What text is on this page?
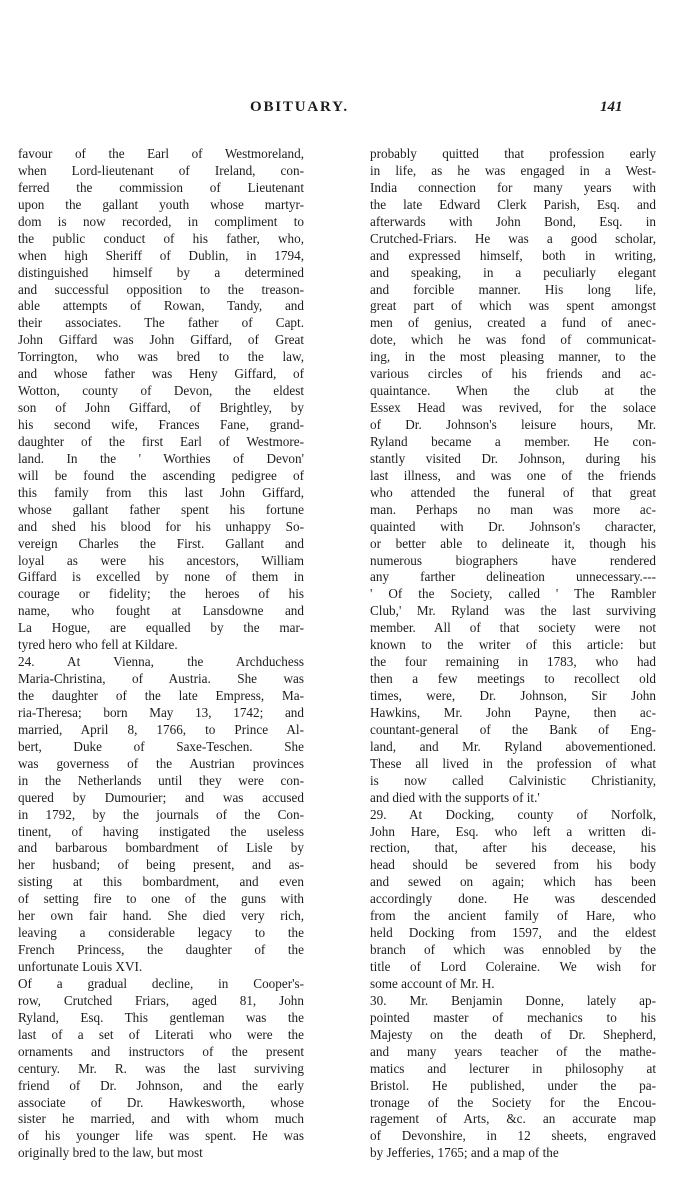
OBITUARY.	141
favour of the Earl of Westmoreland,
when Lord-lieutenant of Ireland, con-
ferred the commission of Lieutenant
upon the gallant youth whose martyr-
dom is now recorded, in compliment to
the public conduct of his father, who,
when high Sheriff of Dublin, in 1794,
distinguished himself by a determined
and successful opposition to the treason-
able attempts of Rowan, Tandy, and
their associates. The father of Capt.
John Giffard was John Giffard, of Great
Torrington, who was bred to the law,
and whose father was Heny Giffard, of
Wotton, county of Devon, the eldest
son of John Giffard, of Brightley, by
his second wife, Frances Fane, grand-
daughter of the first Earl of Westmore-
land. In the ' Worthies of Devon'
will be found the ascending pedigree of
this family from this last John Giffard,
whose gallant father spent his fortune
and shed his blood for his unhappy So-
vereign Charles the First. Gallant and
loyal as were his ancestors, William
Giffard is excelled by none of them in
courage or fidelity; the heroes of his
name, who fought at Lansdowne and
La Hogue, are equalled by the mar-
tyred hero who fell at Kildare.
24. At Vienna, the Archduchess
Maria-Christina, of Austria. She was
the daughter of the late Empress, Ma-
ria-Theresa; born May 13, 1742; and
married, April 8, 1766, to Prince Al-
bert, Duke of Saxe-Teschen. She
was governess of the Austrian provinces
in the Netherlands until they were con-
quered by Dumourier; and was accused
in 1792, by the journals of the Con-
tinent, of having instigated the useless
and barbarous bombardment of Lisle by
her husband; of being present, and as-
sisting at this bombardment, and even
of setting fire to one of the guns with
her own fair hand. She died very rich,
leaving a considerable legacy to the
French Princess, the daughter of the
unfortunate Louis XVI.
Of a gradual decline, in Cooper's-
row, Crutched Friars, aged 81, John
Ryland, Esq. This gentleman was the
last of a set of Literati who were the
ornaments and instructors of the present
century. Mr. R. was the last surviving
friend of Dr. Johnson, and the early
associate of Dr. Hawkesworth, whose
sister he married, and with whom much
of his younger life was spent. He was
originally bred to the law, but most
probably quitted that profession early
in life, as he was engaged in a West-
India connection for many years with
the late Edward Clerk Parish, Esq. and
afterwards with John Bond, Esq. in
Crutched-Friars. He was a good scholar,
and expressed himself, both in writing,
and speaking, in a peculiarly elegant
and forcible manner. His long life,
great part of which was spent amongst
men of genius, created a fund of anec-
dote, which he was fond of communicat-
ing, in the most pleasing manner, to the
various circles of his friends and ac-
quaintance. When the club at the
Essex Head was revived, for the solace
of Dr. Johnson's leisure hours, Mr.
Ryland became a member. He con-
stantly visited Dr. Johnson, during his
last illness, and was one of the friends
who attended the funeral of that great
man. Perhaps no man was more ac-
quainted with Dr. Johnson's character,
or better able to delineate it, though his
numerous biographers have rendered
any farther delineation unnecessary.---
' Of the Society, called ' The Rambler
Club,' Mr. Ryland was the last surviving
member. All of that society were not
known to the writer of this article: but
the four remaining in 1783, who had
then a few meetings to recollect old
times, were, Dr. Johnson, Sir John
Hawkins, Mr. John Payne, then ac-
countant-general of the Bank of Eng-
land, and Mr. Ryland abovementioned.
These all lived in the profession of what
is now called Calvinistic Christianity,
and died with the supports of it.'
29. At Docking, county of Norfolk,
John Hare, Esq. who left a written di-
rection, that, after his decease, his
head should be severed from his body
and sewed on again; which has been
accordingly done. He was descended
from the ancient family of Hare, who
held Docking from 1597, and the eldest
branch of which was ennobled by the
title of Lord Coleraine. We wish for
some account of Mr. H.
30. Mr. Benjamin Donne, lately ap-
pointed master of mechanics to his
Majesty on the death of Dr. Shepherd,
and many years teacher of the mathe-
matics and lecturer in philosophy at
Bristol. He published, under the pa-
tronage of the Society for the Encou-
ragement of Arts, &c. an accurate map
of Devonshire, in 12 sheets, engraved
by Jefferies, 1765; and a map of the
